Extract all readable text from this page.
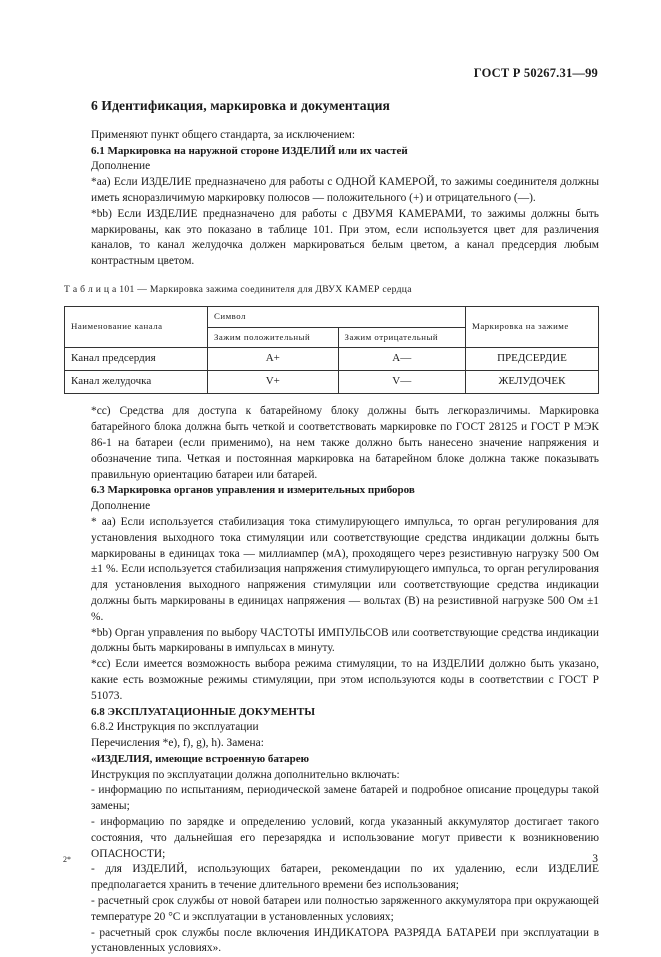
ГОСТ Р 50267.31—99
6 Идентификация, маркировка и документация

Применяют пункт общего стандарта, за исключением:

6.1 Маркировка на наружной стороне ИЗДЕЛИЙ или их частей

Дополнение

*аа) Если ИЗДЕЛИЕ предназначено для работы с ОДНОЙ КАМЕРОЙ, то зажимы соединителя должны иметь ясноразличимую маркировку полюсов — положительного (+) и отрицательного (—).

*bb) Если ИЗДЕЛИЕ предназначено для работы с ДВУМЯ КАМЕРАМИ, то зажимы должны быть маркированы, как это показано в таблице 101. При этом, если используется цвет для различения каналов, то канал желудочка должен маркироваться белым цветом, а канал предсердия любым контрастным цветом.

Т а б л и ц а 101 — Маркировка зажима соединителя для ДВУХ КАМЕР сердца
Наименование канала	Символ		Маркировка на зажиме
	Зажим положительный	Зажим отрицательный	
Канал предсердия	A+	A—	ПРЕДСЕРДИЕ
Канал желудочка	V+	V—	ЖЕЛУДОЧЕК

*cc) Средства для доступа к батарейному блоку должны быть легкоразличимы. Маркировка батарейного блока должна быть четкой и соответствовать маркировке по ГОСТ 28125 и ГОСТ Р МЭК 86-1 на батареи (если применимо), на нем также должно быть нанесено значение напряжения и обозначение типа. Четкая и постоянная маркировка на батарейном блоке должна также показывать правильную ориентацию батареи или батарей.

6.3 Маркировка органов управления и измерительных приборов

Дополнение

* аа) Если используется стабилизация тока стимулирующего импульса, то орган регулирования для установления выходного тока стимуляции или соответствующие средства индикации должны быть маркированы в единицах тока — миллиампер (мА), проходящего через резистивную нагрузку 500 Ом ±1 %. Если используется стабилизация напряжения стимулирующего импульса, то орган регулирования для установления выходного напряжения стимуляции или соответствующие средства индикации должны быть маркированы в единицах напряжения — вольтах (В) на резистивной нагрузке 500 Ом ±1 %.

*bb) Орган управления по выбору ЧАСТОТЫ ИМПУЛЬСОВ или соответствующие средства индикации должны быть маркированы в импульсах в минуту.

*cc) Если имеется возможность выбора режима стимуляции, то на ИЗДЕЛИИ должно быть указано, какие есть возможные режимы стимуляции, при этом используются коды в соответствии с ГОСТ Р 51073.

6.8 ЭКСПЛУАТАЦИОННЫЕ ДОКУМЕНТЫ

6.8.2 Инструкция по эксплуатации

Перечисления *e), f), g), h). Замена:

«ИЗДЕЛИЯ, имеющие встроенную батарею

Инструкция по эксплуатации должна дополнительно включать:

- информацию по испытаниям, периодической замене батарей и подробное описание процедуры такой замены;

- информацию по зарядке и определению условий, когда указанный аккумулятор достигает такого состояния, что дальнейшая его перезарядка и использование могут привести к возникновению ОПАСНОСТИ;

- для ИЗДЕЛИЙ, использующих батареи, рекомендации по их удалению, если ИЗДЕЛИЕ предполагается хранить в течение длительного времени без использования;

- расчетный срок службы от новой батареи или полностью заряженного аккумулятора при окружающей температуре 20 °С и эксплуатации в установленных условиях;

- расчетный срок службы после включения ИНДИКАТОРА РАЗРЯДА БАТАРЕИ при эксплуатации в установленных условиях».

2*	3
